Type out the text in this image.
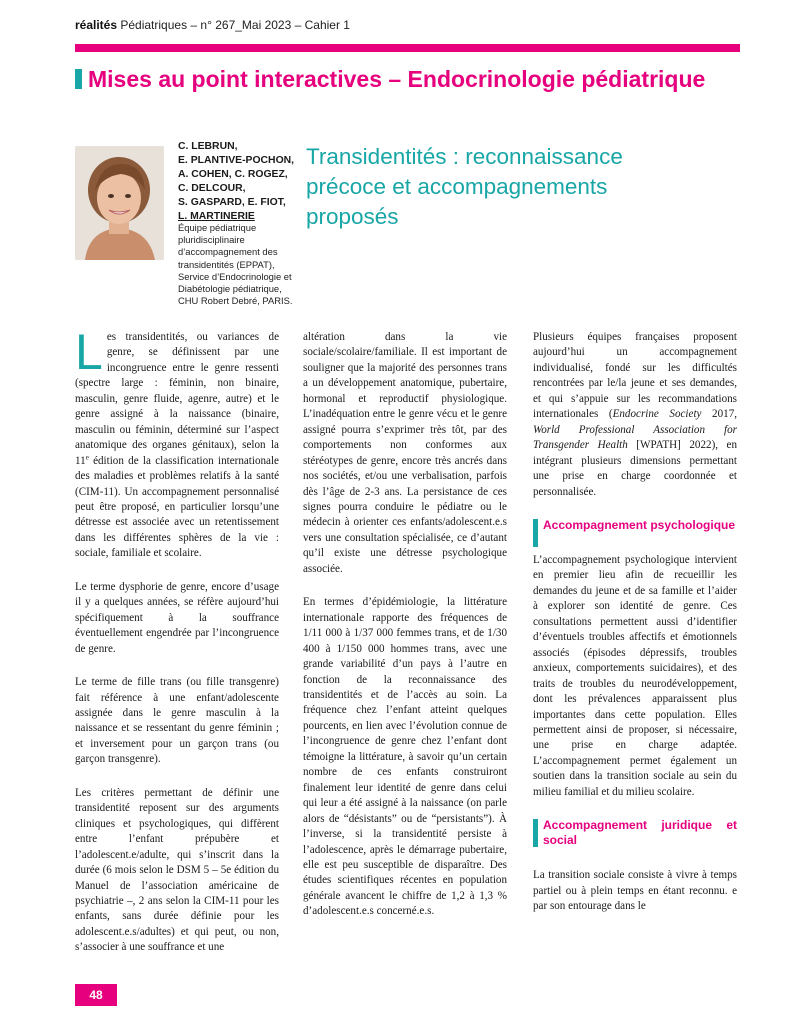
réalités Pédiatriques – n° 267_Mai 2023 – Cahier 1
Mises au point interactives – Endocrinologie pédiatrique
C. LEBRUN,
E. PLANTIVE-POCHON,
A. COHEN, C. ROGEZ,
C. DELCOUR,
S. GASPARD, E. FIOT,
L. MARTINERIE
Équipe pédiatrique pluridisciplinaire d’accompagnement des transidentités (EPPAT),
Service d’Endocrinologie et Diabétologie pédiatrique,
CHU Robert Debré, PARIS.
Transidentités : reconnaissance précoce et accompagnements proposés

Les transidentités, ou variances de genre, se définissent par une incongruence entre le genre ressenti (spectre large : féminin, non binaire, masculin, genre fluide, agenre, autre) et le genre assigné à la naissance (binaire, masculin ou féminin, déterminé sur l’aspect anatomique des organes génitaux), selon la 11e édition de la classification internationale des maladies et problèmes relatifs à la santé (CIM-11). Un accompagnement personnalisé peut être proposé, en particulier lorsqu’une détresse est associée avec un retentissement dans les différentes sphères de la vie : sociale, familiale et scolaire.

Le terme dysphorie de genre, encore d’usage il y a quelques années, se réfère aujourd’hui spécifiquement à la souffrance éventuellement engendrée par l’incongruence de genre.

Le terme de fille trans (ou fille transgenre) fait référence à une enfant/adolescente assignée dans le genre masculin à la naissance et se ressentant du genre féminin ; et inversement pour un garçon trans (ou garçon transgenre).

Les critères permettant de définir une transidentité reposent sur des arguments cliniques et psychologiques, qui diffèrent entre l’enfant prépubère et l’adolescent.e/adulte, qui s’inscrit dans la durée (6 mois selon le DSM 5 – 5e édition du Manuel de l’association américaine de psychiatrie –, 2 ans selon la CIM-11 pour les enfants, sans durée définie pour les adolescent.e.s/adultes) et qui peut, ou non, s’associer à une souffrance et une

altération dans la vie sociale/scolaire/familiale. Il est important de souligner que la majorité des personnes trans a un développement anatomique, pubertaire, hormonal et reproductif physiologique. L’inadéquation entre le genre vécu et le genre assigné pourra s’exprimer très tôt, par des comportements non conformes aux stéréotypes de genre, encore très ancrés dans nos sociétés, et/ou une verbalisation, parfois dès l’âge de 2-3 ans. La persistance de ces signes pourra conduire le pédiatre ou le médecin à orienter ces enfants/adolescent.e.s vers une consultation spécialisée, ce d’autant qu’il existe une détresse psychologique associée.

En termes d’épidémiologie, la littérature internationale rapporte des fréquences de 1/11 000 à 1/37 000 femmes trans, et de 1/30 400 à 1/150 000 hommes trans, avec une grande variabilité d’un pays à l’autre en fonction de la reconnaissance des transidentités et de l’accès au soin. La fréquence chez l’enfant atteint quelques pourcents, en lien avec l’évolution connue de l’incongruence de genre chez l’enfant dont témoigne la littérature, à savoir qu’un certain nombre de ces enfants construiront finalement leur identité de genre dans celui qui leur a été assigné à la naissance (on parle alors de “désistants” ou de “persistants”). À l’inverse, si la transidentité persiste à l’adolescence, après le démarrage pubertaire, elle est peu susceptible de disparaître. Des études scientifiques récentes en population générale avancent le chiffre de 1,2 à 1,3 % d’adolescent.e.s concerné.e.s.

Plusieurs équipes françaises proposent aujourd’hui un accompagnement individualisé, fondé sur les difficultés rencontrées par le/la jeune et ses demandes, et qui s’appuie sur les recommandations internationales (Endocrine Society 2017, World Professional Association for Transgender Health [WPATH] 2022), en intégrant plusieurs dimensions permettant une prise en charge coordonnée et personnalisée.

Accompagnement psychologique

L’accompagnement psychologique intervient en premier lieu afin de recueillir les demandes du jeune et de sa famille et l’aider à explorer son identité de genre. Ces consultations permettent aussi d’identifier d’éventuels troubles affectifs et émotionnels associés (épisodes dépressifs, troubles anxieux, comportements suicidaires), et des traits de troubles du neurodéveloppement, dont les prévalences apparaissent plus importantes dans cette population. Elles permettent ainsi de proposer, si nécessaire, une prise en charge adaptée. L’accompagnement permet également un soutien dans la transition sociale au sein du milieu familial et du milieu scolaire.

Accompagnement juridique et social

La transition sociale consiste à vivre à temps partiel ou à plein temps en étant reconnu. e par son entourage dans le

48
